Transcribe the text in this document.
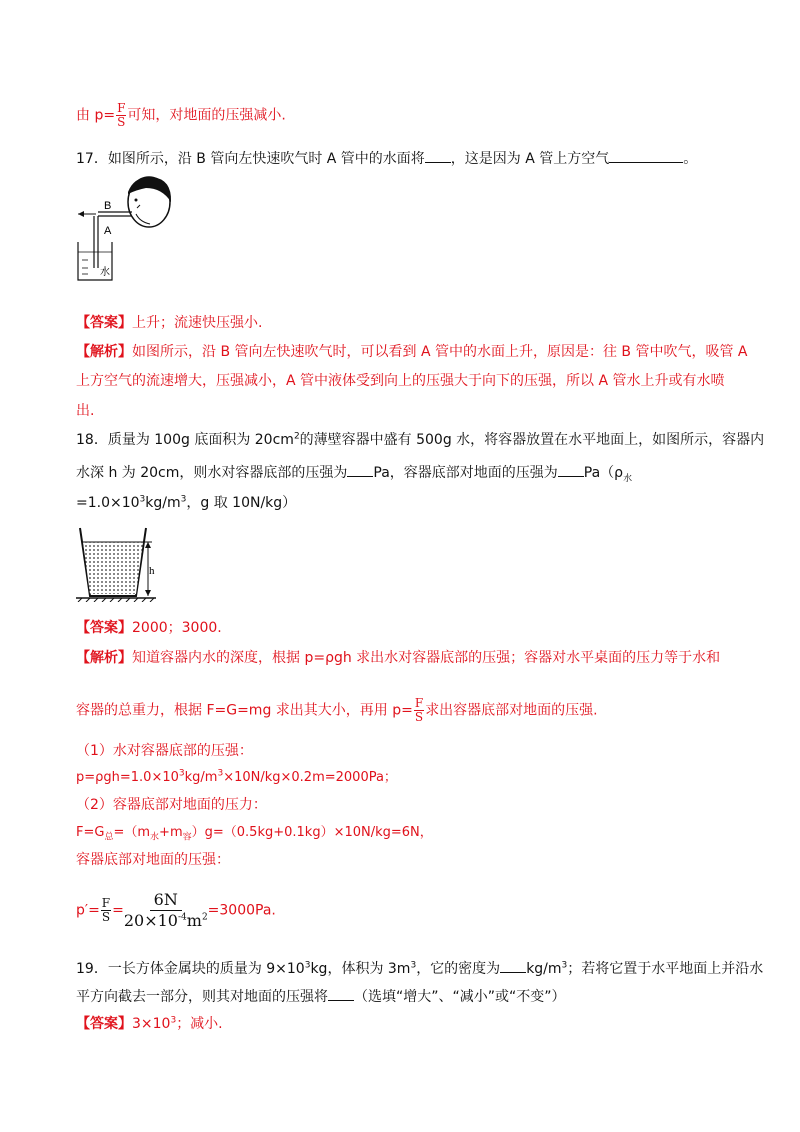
由 $p= \frac{F}{S}$ 可知，对地面的压强减小.
17．如图所示，沿 B 管向左快速吹气时 A 管中的水面将 ，这是因为 A 管上方空气	。
B
A
水
【答案】上升；流速快压强小.
【解析】如图所示，沿 B 管向左快速吹气时，可以看到 A 管中的水面上升，原因是：往 B 管中吹气，吸管 A
上方空气的流速增大，压强减小，A 管中液体受到向上的压强大于向下的压强，所以 A 管水上升或有水喷
出.
18．质量为 100g 底面积为 $20cm^2$的薄壁容器中盛有 500g 水，将容器放置在水平地面上，如图所示，容器内
水深 h 为 20cm，则水对容器底部的压强为 Pa，容器底部对地面的压强为 $Pa(\rho_水$
$=1.0\times 10^3kg/m^3$，g 取 10N/kg）
h
【答案】2000；3000.
【解析】知道容器内水的深度，根据 p=ρgh 求出水对容器底部的压强；容器对水平桌面的压力等于水和
容器的总重力，根据 F=G=mg 求出其大小，再用 $p= \frac{F}{S}$ 求出容器底部对地面的压强.
（1）水对容器底部的压强：
$p=\rho gh=1.0\times 10^3kg/m^3\times 10N/kg\times 0.2m=2000Pa$；
（2）容器底部对地面的压力：
$F=G_总=(m_水+m_容)g=(0.5kg+0.1kg)\times 10N/kg=6N$，
容器底部对地面的压强：
$p'= \frac{F}{S} = \frac{6N}{20\times 10^{-4}m^2} =3000Pa$.
19．一长方体金属块的质量为 $9\times 10^3kg$，体积为 $3m^3$，它的密度为 $kg/m^3$；若将它置于水平地面上并沿水
平方向截去一部分，则其对地面的压强将 （选填“增大”、“减小”或“不变”）
【答案】$3\times 10^3$；减小.
